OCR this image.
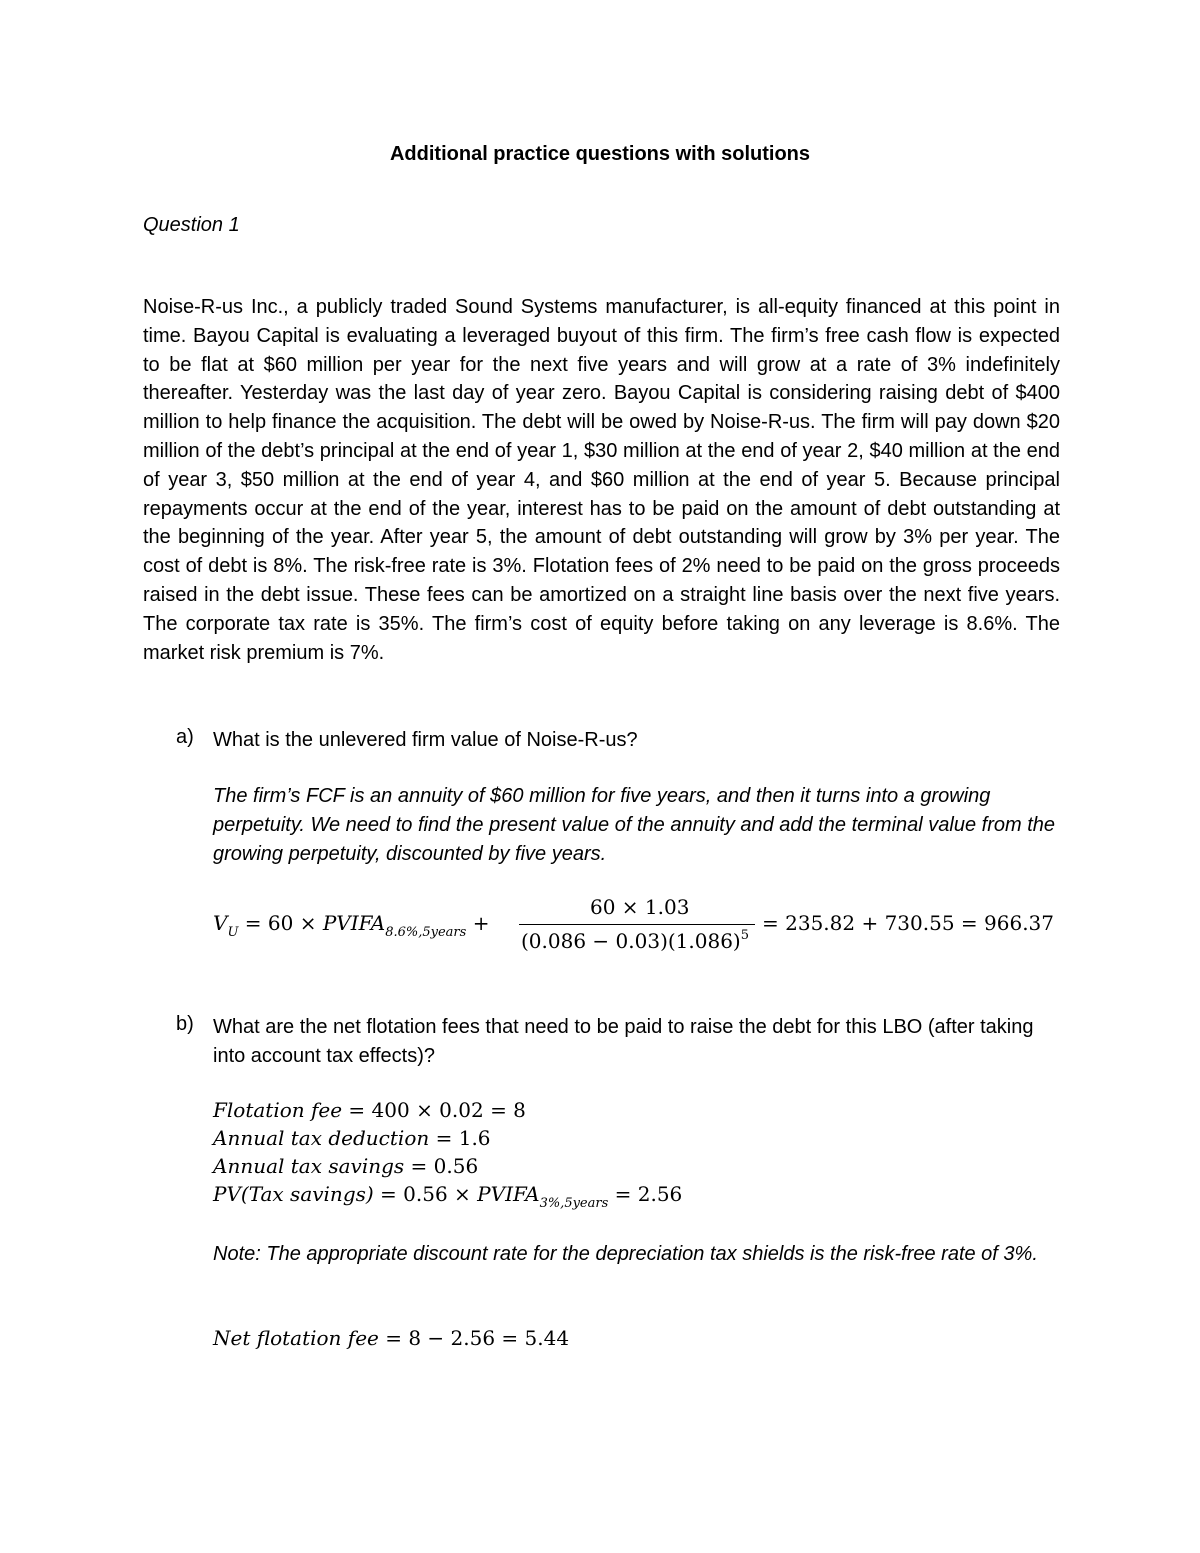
Additional practice questions with solutions
Question 1

Noise-R-us Inc., a publicly traded Sound Systems manufacturer, is all-equity financed at this point in time. Bayou Capital is evaluating a leveraged buyout of this firm. The firm’s free cash flow is expected to be flat at $60 million per year for the next five years and will grow at a rate of 3% indefinitely thereafter. Yesterday was the last day of year zero. Bayou Capital is considering raising debt of $400 million to help finance the acquisition. The debt will be owed by Noise-R-us. The firm will pay down $20 million of the debt’s principal at the end of year 1, $30 million at the end of year 2, $40 million at the end of year 3, $50 million at the end of year 4, and $60 million at the end of year 5. Because principal repayments occur at the end of the year, interest has to be paid on the amount of debt outstanding at the beginning of the year. After year 5, the amount of debt outstanding will grow by 3% per year. The cost of debt is 8%. The risk-free rate is 3%. Flotation fees of 2% need to be paid on the gross proceeds raised in the debt issue. These fees can be amortized on a straight line basis over the next five years. The corporate tax rate is 35%. The firm’s cost of equity before taking on any leverage is 8.6%. The market risk premium is 7%.

a) What is the unlevered firm value of Noise-R-us?

The firm’s FCF is an annuity of $60 million for five years, and then it turns into a growing perpetuity. We need to find the present value of the annuity and add the terminal value from the growing perpetuity, discounted by five years.

$V_U = 60$ × $PVIFA_{8.6\%,5years}$ +
60 × 1.03
$(0.086 - 0.03)(1.086)^5$
= 235.82 + 730.55 = 966.37
b) What are the net flotation fees that need to be paid to raise the debt for this LBO (after taking into account tax effects)?

Flotation fee = 400 × 0.02 = 8
Annual tax deduction = 1.6
Annual tax savings = 0.56
PV(Tax savings) = $0.56 \times PVIFA_{3\%,5years} = 2.56$

Note: The appropriate discount rate for the depreciation tax shields is the risk-free rate of 3%.

Net flotation fee = 8 − 2.56 = 5.44
